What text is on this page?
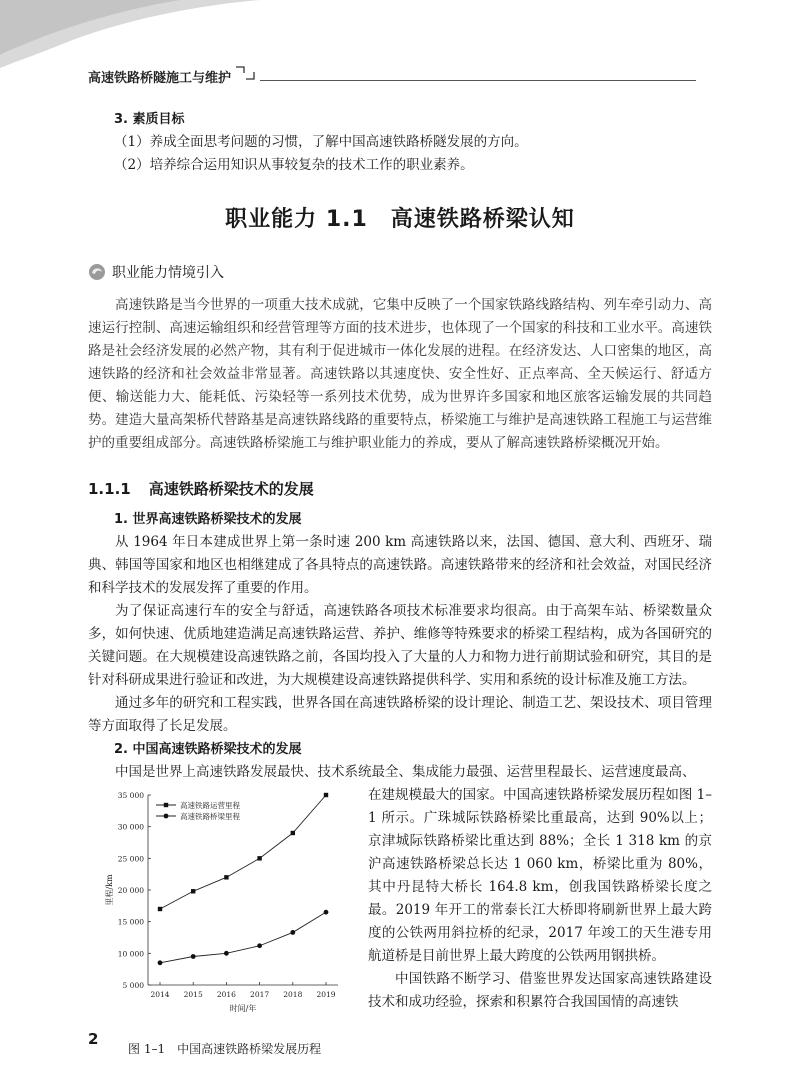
高速铁路桥隧施工与维护
3. 素质目标
（1）养成全面思考问题的习惯，了解中国高速铁路桥隧发展的方向。
（2）培养综合运用知识从事较复杂的技术工作的职业素养。
职业能力 1.1　高速铁路桥梁认知
职业能力情境引入
高速铁路是当今世界的一项重大技术成就，它集中反映了一个国家铁路线路结构、列车牵引动力、高速运行控制、高速运输组织和经营管理等方面的技术进步，也体现了一个国家的科技和工业水平。高速铁路是社会经济发展的必然产物，其有利于促进城市一体化发展的进程。在经济发达、人口密集的地区，高速铁路的经济和社会效益非常显著。高速铁路以其速度快、安全性好、正点率高、全天候运行、舒适方便、输送能力大、能耗低、污染轻等一系列技术优势，成为世界许多国家和地区旅客运输发展的共同趋势。建造大量高架桥代替路基是高速铁路线路的重要特点，桥梁施工与维护是高速铁路工程施工与运营维护的重要组成部分。高速铁路桥梁施工与维护职业能力的养成，要从了解高速铁路桥梁概况开始。
1.1.1 高速铁路桥梁技术的发展
1. 世界高速铁路桥梁技术的发展
从 1964 年日本建成世界上第一条时速 200 km 高速铁路以来，法国、德国、意大利、西班牙、瑞典、韩国等国家和地区也相继建成了各具特点的高速铁路。高速铁路带来的经济和社会效益，对国民经济和科学技术的发展发挥了重要的作用。
为了保证高速行车的安全与舒适，高速铁路各项技术标准要求均很高。由于高架车站、桥梁数量众多，如何快速、优质地建造满足高速铁路运营、养护、维修等特殊要求的桥梁工程结构，成为各国研究的关键问题。在大规模建设高速铁路之前，各国均投入了大量的人力和物力进行前期试验和研究，其目的是针对科研成果进行验证和改进，为大规模建设高速铁路提供科学、实用和系统的设计标准及施工方法。
通过多年的研究和工程实践，世界各国在高速铁路桥梁的设计理论、制造工艺、架设技术、项目管理等方面取得了长足发展。
2. 中国高速铁路桥梁技术的发展
中国是世界上高速铁路发展最快、技术系统最全、集成能力最强、运营里程最长、运营速度最高、
在建规模最大的国家。中国高速铁路桥梁发展历程如图 1–1 所示。广珠城际铁路桥梁比重最高，达到 90%以上；京津城际铁路桥梁比重达到 88%；全长 1 318 km 的京沪高速铁路桥梁总长达 1 060 km，桥梁比重为 80%，其中丹昆特大桥长 164.8 km，创我国铁路桥梁长度之最。2019 年开工的常泰长江大桥即将刷新世界上最大跨度的公铁两用斜拉桥的纪录，2017 年竣工的天生港专用航道桥是目前世界上最大跨度的公铁两用钢拱桥。
中国铁路不断学习、借鉴世界发达国家高速铁路建设技术和成功经验，探索和积累符合我国国情的高速铁
35 000
30 000
25 000
20 000
15 000
10 000
5 000
2014 2015 2016 2017 2018 2019
时间/年
里程/km
高速铁路运营里程
高速铁路桥梁里程
图 1–1　中国高速铁路桥梁发展历程
2
